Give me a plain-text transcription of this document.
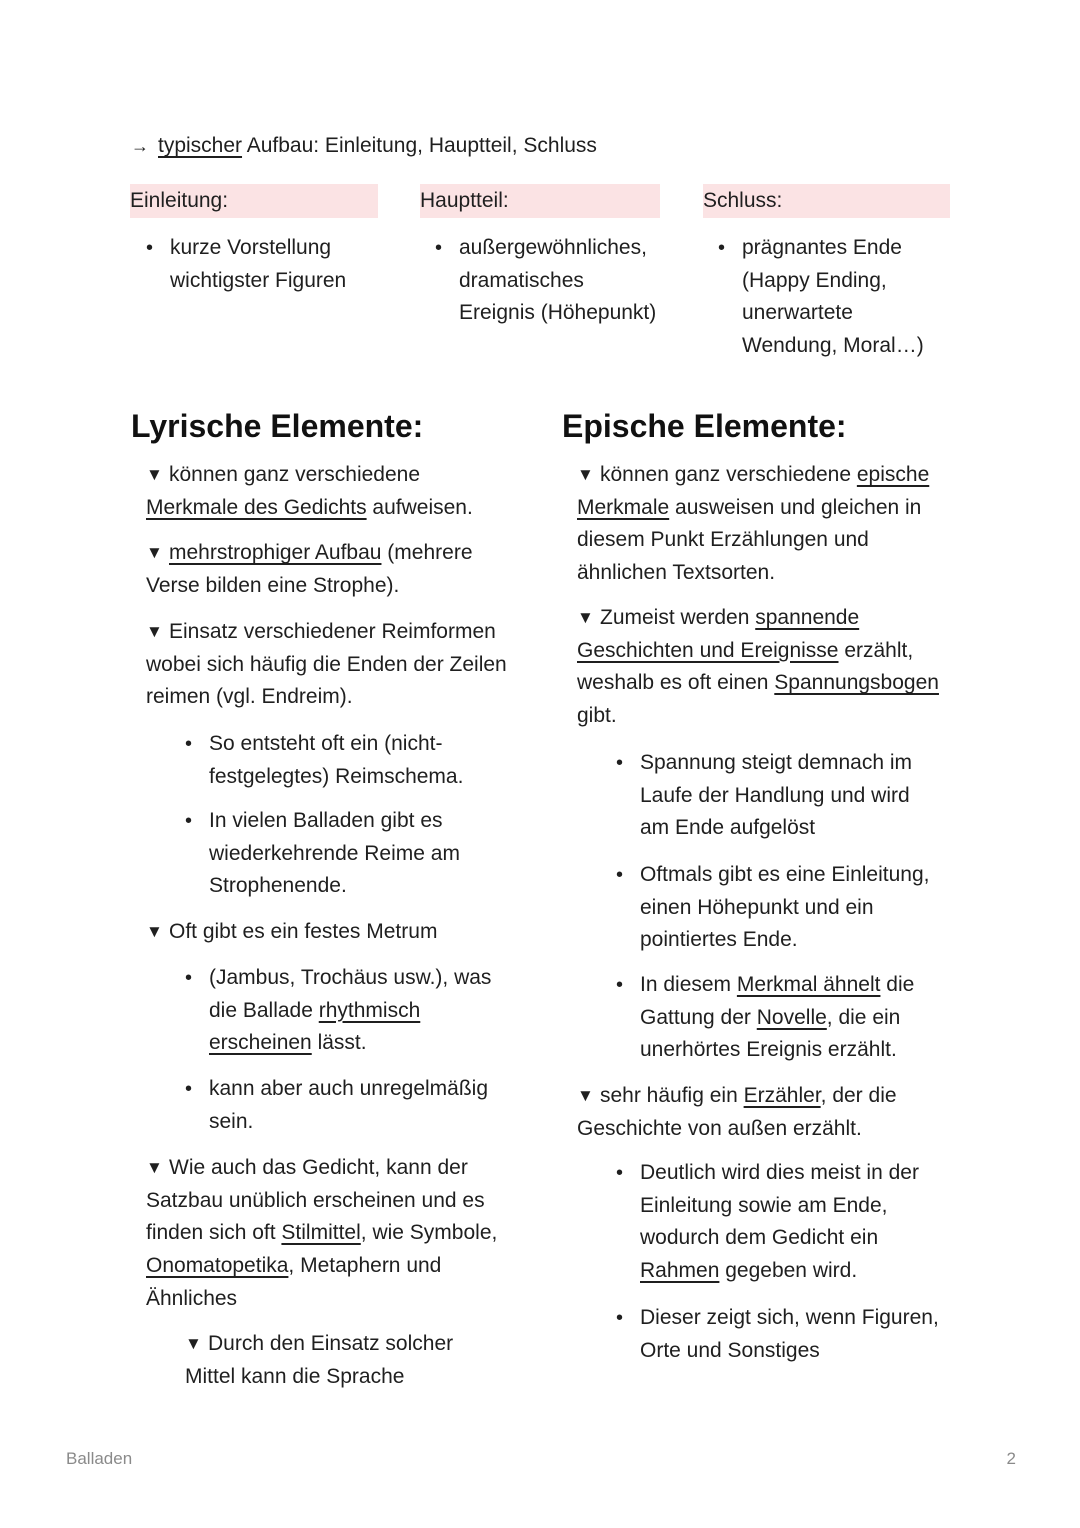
→ typischer Aufbau: Einleitung, Hauptteil, Schluss
Einleitung:	Hauptteil:	Schluss:
• kurze Vorstellung wichtigster Figuren
• außergewöhnliches, dramatisches Ereignis (Höhepunkt)
• prägnantes Ende (Happy Ending, unerwartete Wendung, Moral…)
Lyrische Elemente:
▼ können ganz verschiedene Merkmale des Gedichts aufweisen.
▼ mehrstrophiger Aufbau (mehrere Verse bilden eine Strophe).
▼ Einsatz verschiedener Reimformen wobei sich häufig die Enden der Zeilen reimen (vgl. Endreim).
• So entsteht oft ein (nicht-festgelegtes) Reimschema.
• In vielen Balladen gibt es wiederkehrende Reime am Strophenende.
▼ Oft gibt es ein festes Metrum
• (Jambus, Trochäus usw.), was die Ballade rhythmisch erscheinen lässt.
• kann aber auch unregelmäßig sein.
▼ Wie auch das Gedicht, kann der Satzbau unüblich erscheinen und es finden sich oft Stilmittel, wie Symbole, Onomatopetika, Metaphern und Ähnliches
▼ Durch den Einsatz solcher Mittel kann die Sprache
Epische Elemente:
▼ können ganz verschiedene epische Merkmale ausweisen und gleichen in diesem Punkt Erzählungen und ähnlichen Textsorten.
▼ Zumeist werden spannende Geschichten und Ereignisse erzählt, weshalb es oft einen Spannungsbogen gibt.
• Spannung steigt demnach im Laufe der Handlung und wird am Ende aufgelöst
• Oftmals gibt es eine Einleitung, einen Höhepunkt und ein pointiertes Ende.
• In diesem Merkmal ähnelt die Gattung der Novelle, die ein unerhörtes Ereignis erzählt.
▼ sehr häufig ein Erzähler, der die Geschichte von außen erzählt.
• Deutlich wird dies meist in der Einleitung sowie am Ende, wodurch dem Gedicht ein Rahmen gegeben wird.
• Dieser zeigt sich, wenn Figuren, Orte und Sonstiges
Balladen	2
